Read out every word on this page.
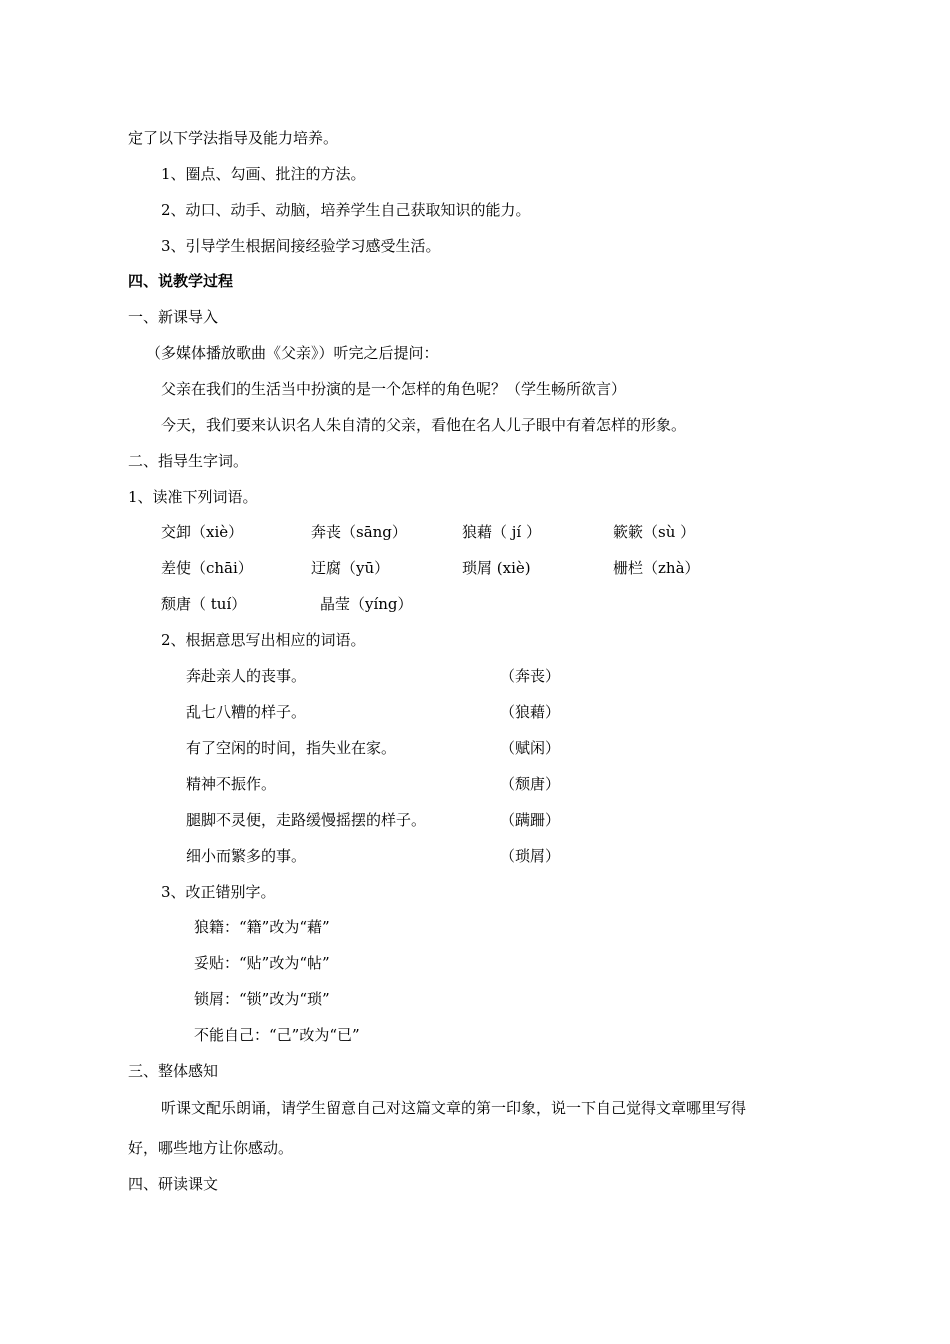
定了以下学法指导及能力培养。
1、圈点、勾画、批注的方法。
2、动口、动手、动脑，培养学生自己获取知识的能力。
3、引导学生根据间接经验学习感受生活。
四、说教学过程
一、新课导入
（多媒体播放歌曲《父亲》）听完之后提问：
父亲在我们的生活当中扮演的是一个怎样的角色呢？（学生畅所欲言）
今天，我们要来认识名人朱自清的父亲，看他在名人儿子眼中有着怎样的形象。
二、指导生字词。
1、读准下列词语。
交卸（xiè）	奔丧（sāng）	狼藉（ jí ）	簌簌（sù ）
差使（chāi）	迂腐（yū）	琐屑 (xiè)	栅栏（zhà）
颓唐（ tuí）	晶莹（yíng）
2、根据意思写出相应的词语。
奔赴亲人的丧事。	（奔丧）
乱七八糟的样子。	（狼藉）
有了空闲的时间，指失业在家。	（赋闲）
精神不振作。	（颓唐）
腿脚不灵便，走路缓慢摇摆的样子。	（蹒跚）
细小而繁多的事。	（琐屑）
3、改正错别字。
狼籍：“籍”改为“藉”
妥贴：“贴”改为“帖”
锁屑：“锁”改为“琐”
不能自己：“己”改为“已”
三、整体感知
听课文配乐朗诵，请学生留意自己对这篇文章的第一印象，说一下自己觉得文章哪里写得
好，哪些地方让你感动。
四、研读课文
